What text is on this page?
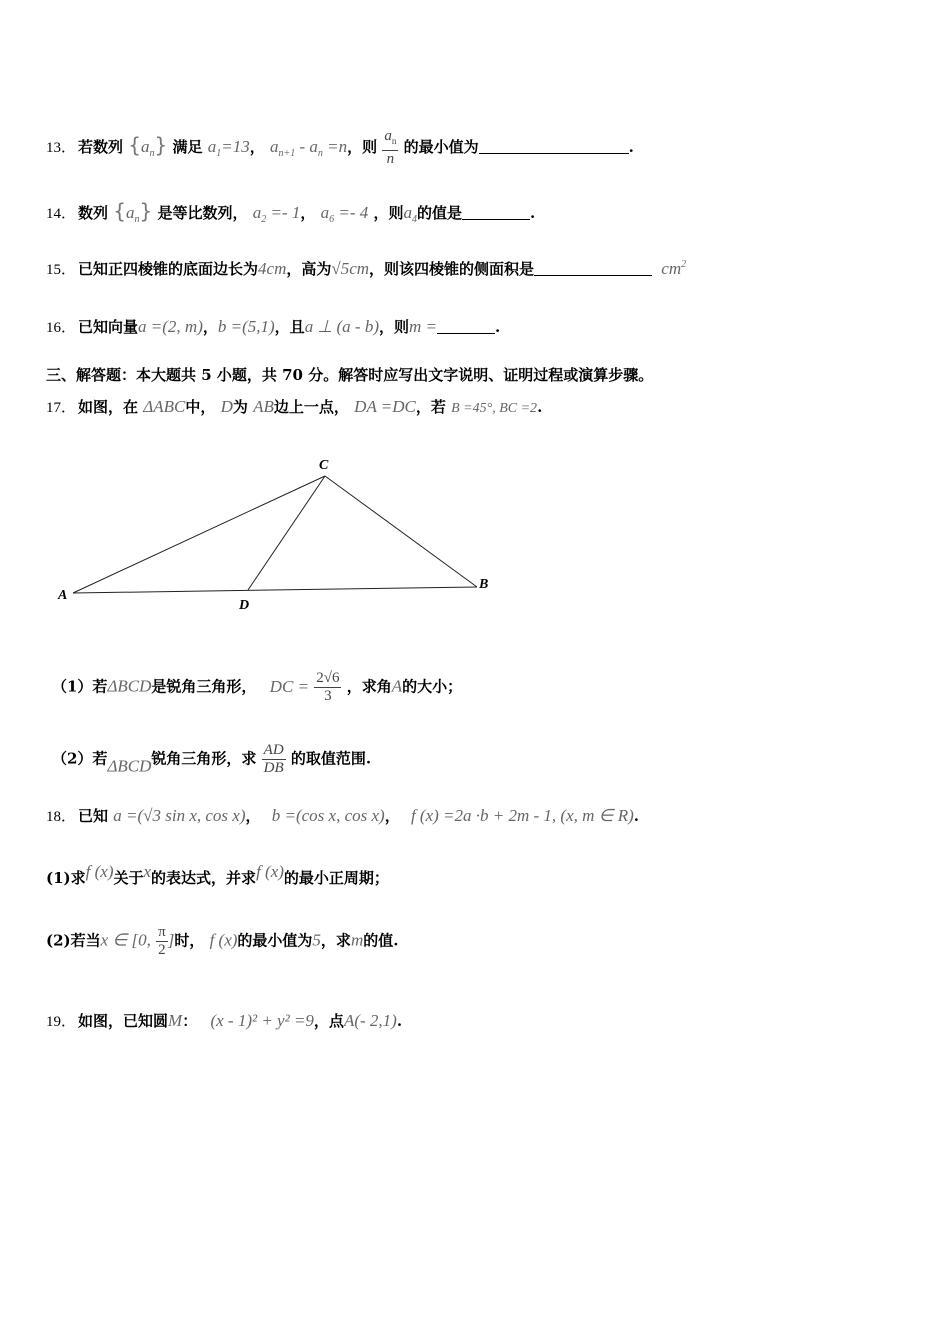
13． 若数列 $\{a_n\}$ 满足 $a_1=13$， $a_{n+1} - a_n =n$，则 $\frac{a_n}{n}$ 的最小值为	.
14． 数列 $\{a_n\}$ 是等比数列， $a_2 =- 1$， $a_6 =- 4$ ，则$a_4$的值是	.
15． 已知正四棱锥的底面边长为4cm，高为√5cm，则该四棱锥的侧面积是	$cm^2$
16． 已知向量a =(2, m)，b =(5,1)，且a ⊥ (a - b)，则m =	.
三、解答题：本大题共 5 小题，共 70 分。解答时应写出文字说明、证明过程或演算步骤。
17． 如图，在 ΔABC中， D为 AB边上一点， DA =DC，若 B =45°, BC =2.
C
A
B
D
（1）若ΔBCD是锐角三角形， DC = $\frac{2√6}{3}$ ，求角A的大小；
（2）若ΔBCD锐角三角形，求 $\frac{AD}{DB}$ 的取值范围.
18． 已知 a =(√3 sin x, cos x)， b =(cos x, cos x)， f (x) =2a ·b + 2m - 1, (x, m ∈ R).
(1)求f (x)关于x的表达式，并求f (x)的最小正周期；
(2)若当x ∈ [0, $\frac{\pi}{2}$ ]时， f (x)的最小值为5，求m的值.
19． 如图，已知圆M： (x - 1)² + y² =9，点A(- 2,1).
